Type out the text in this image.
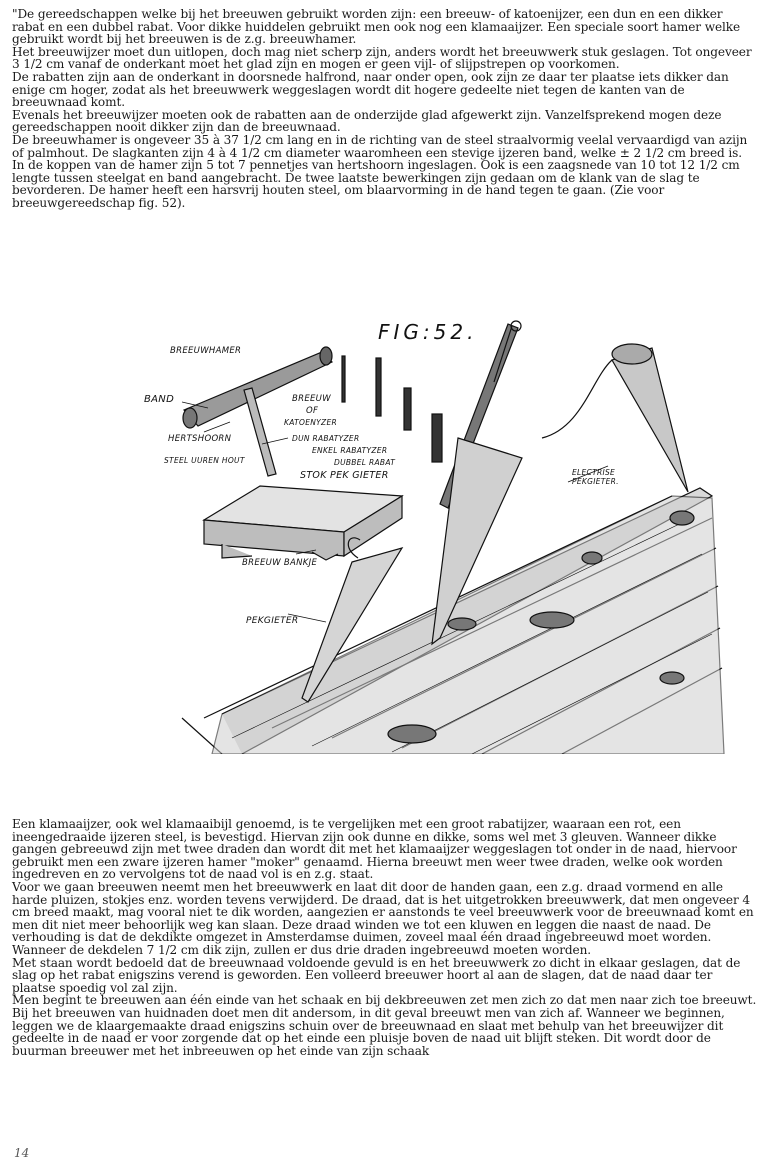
"De gereedschappen welke bij het breeuwen gebruikt worden zijn: een breeuw- of katoenijzer, een dun en een dikker rabat en een dubbel rabat. Voor dikke huiddelen gebruikt men ook nog een klamaaijzer. Een speciale soort hamer welke gebruikt wordt bij het breeuwen is de z.g. breeuwhamer.

Het breeuwijzer moet dun uitlopen, doch mag niet scherp zijn, anders wordt het breeuwwerk stuk geslagen. Tot ongeveer 3 1/2 cm vanaf de onderkant moet het glad zijn en mogen er geen vijl- of slijpstrepen op voorkomen.

De rabatten zijn aan de onderkant in doorsnede halfrond, naar onder open, ook zijn ze daar ter plaatse iets dikker dan enige cm hoger, zodat als het breeuwwerk weggeslagen wordt dit hogere gedeelte niet tegen de kanten van de breeuwnaad komt.

Evenals het breeuwijzer moeten ook de rabatten aan de onderzijde glad afgewerkt zijn. Vanzelfsprekend mogen deze gereedschappen nooit dikker zijn dan de breeuwnaad.

De breeuwhamer is ongeveer 35 à 37 1/2 cm lang en in de richting van de steel straalvormig veelal vervaardigd van azijn of palmhout. De slagkanten zijn 4 à 4 1/2 cm diameter waaromheen een stevige ijzeren band, welke ± 2 1/2 cm breed is. In de koppen van de hamer zijn 5 tot 7 pennetjes van hertshoorn ingeslagen. Ook is een zaagsnede van 10 tot 12 1/2 cm lengte tussen steelgat en band aangebracht. De twee laatste bewerkingen zijn gedaan om de klank van de slag te bevorderen. De hamer heeft een harsvrij houten steel, om blaarvorming in de hand tegen te gaan. (Zie voor breeuwgereedschap fig. 52).

FIG:52.
BREEUWHAMER
BAND
HERTSHOORN
STEEL UUREN HOUT
BREEUW
OF
KATOENYZER
DUN RABATYZER
ENKEL RABATYZER
DUBBEL RABAT
STOK PEK GIETER	ELECTRISE
PEKGIETER.
BREEUW BANKJE
PEKGIETER

Een klamaaijzer, ook wel klamaaibijl genoemd, is te vergelijken met een groot rabatijzer, waaraan een rot, een ineengedraaide ijzeren steel, is bevestigd. Hiervan zijn ook dunne en dikke, soms wel met 3 gleuven. Wanneer dikke gangen gebreeuwd zijn met twee draden dan wordt dit met het klamaaijzer weggeslagen tot onder in de naad, hiervoor gebruikt men een zware ijzeren hamer "moker" genaamd. Hierna breeuwt men weer twee draden, welke ook worden ingedreven en zo vervolgens tot de naad vol is en z.g. staat.

Voor we gaan breeuwen neemt men het breeuwwerk en laat dit door de handen gaan, een z.g. draad vormend en alle harde pluizen, stokjes enz. worden tevens verwijderd. De draad, dat is het uitgetrokken breeuwwerk, dat men ongeveer 4 cm breed maakt, mag vooral niet te dik worden, aangezien er aanstonds te veel breeuwwerk voor de breeuwnaad komt en men dit niet meer behoorlijk weg kan slaan. Deze draad winden we tot een kluwen en leggen die naast de naad. De verhouding is dat de dekdikte omgezet in Amsterdamse duimen, zoveel maal één draad ingebreeuwd moet worden. Wanneer de dekdelen 7 1/2 cm dik zijn, zullen er dus drie draden ingebreeuwd moeten worden.

Met staan wordt bedoeld dat de breeuwnaad voldoende gevuld is en het breeuwwerk zo dicht in elkaar geslagen, dat de slag op het rabat enigszins verend is geworden. Een volleerd breeuwer hoort al aan de slagen, dat de naad daar ter plaatse spoedig vol zal zijn.

Men begint te breeuwen aan één einde van het schaak en bij dekbreeuwen zet men zich zo dat men naar zich toe breeuwt. Bij het breeuwen van huidnaden doet men dit andersom, in dit geval breeuwt men van zich af. Wanneer we beginnen, leggen we de klaargemaakte draad enigszins schuin over de breeuwnaad en slaat met behulp van het breeuwijzer dit gedeelte in de naad er voor zorgende dat op het einde een pluisje boven de naad uit blijft steken. Dit wordt door de buurman breeuwer met het inbreeuwen op het einde van zijn schaak

14
